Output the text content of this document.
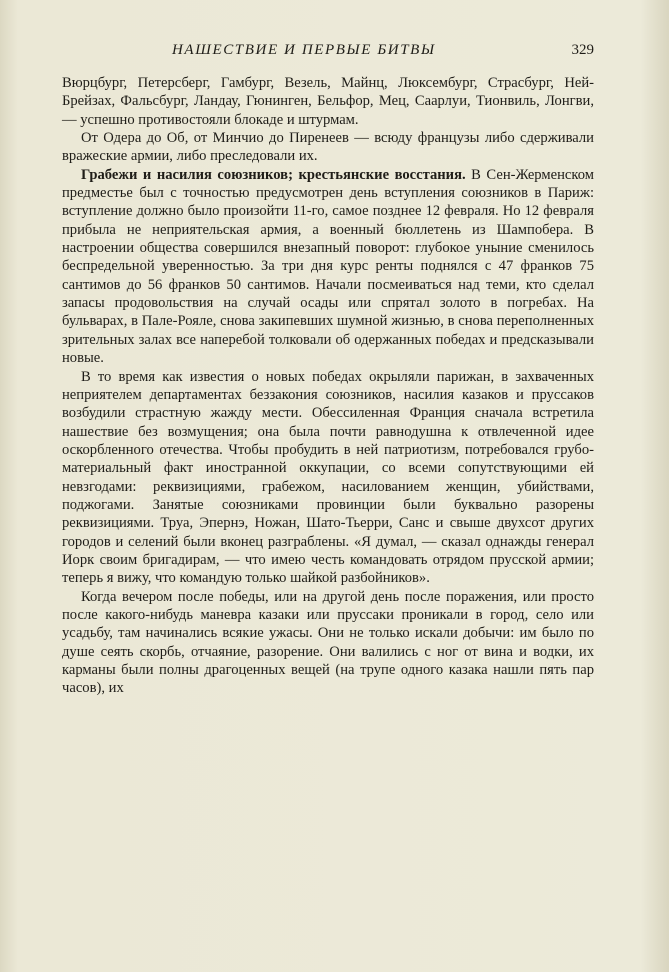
НАШЕСТВИЕ И ПЕРВЫЕ БИТВЫ	329

Вюрцбург, Петерсберг, Гамбург, Везель, Майнц, Люксембург, Страсбург, Ней-Брейзах, Фальсбург, Ландау, Гюнинген, Бельфор, Мец, Саарлуи, Тионвиль, Лонгви, — успешно противостояли блокаде и штурмам.

От Одера до Об, от Минчио до Пиренеев — всюду французы либо сдерживали вражеские армии, либо преследовали их.

Грабежи и насилия союзников; крестьянские восстания. В Сен-Жерменском предместье был с точностью предусмотрен день вступления союзников в Париж: вступление должно было произойти 11-го, самое позднее 12 февраля. Но 12 февраля прибыла не неприятельская армия, а военный бюллетень из Шампобера. В настроении общества совершился внезапный поворот: глубокое уныние сменилось беспредельной уверенностью. За три дня курс ренты поднялся с 47 франков 75 сантимов до 56 франков 50 сантимов. Начали посмеиваться над теми, кто сделал запасы продовольствия на случай осады или спрятал золото в погребах. На бульварах, в Пале-Рояле, снова закипевших шумной жизнью, в снова переполненных зрительных залах все наперебой толковали об одержанных победах и предсказывали новые.

В то время как известия о новых победах окрыляли парижан, в захваченных неприятелем департаментах беззакония союзников, насилия казаков и пруссаков возбудили страстную жажду мести. Обессиленная Франция сначала встретила нашествие без возмущения; она была почти равнодушна к отвлеченной идее оскорбленного отечества. Чтобы пробудить в ней патриотизм, потребовался грубо-материальный факт иностранной оккупации, со всеми сопутствующими ей невзгодами: реквизициями, грабежом, насилованием женщин, убийствами, поджогами. Занятые союзниками провинции были буквально разорены реквизициями. Труа, Эпернэ, Ножан, Шато-Тьерри, Санс и свыше двухсот других городов и селений были вконец разграблены. «Я думал, — сказал однажды генерал Иорк своим бригадирам, — что имею честь командовать отрядом прусской армии; теперь я вижу, что командую только шайкой разбойников».

Когда вечером после победы, или на другой день после поражения, или просто после какого-нибудь маневра казаки или пруссаки проникали в город, село или усадьбу, там начинались всякие ужасы. Они не только искали добычи: им было по душе сеять скорбь, отчаяние, разорение. Они валились с ног от вина и водки, их карманы были полны драгоценных вещей (на трупе одного казака нашли пять пар часов), их
